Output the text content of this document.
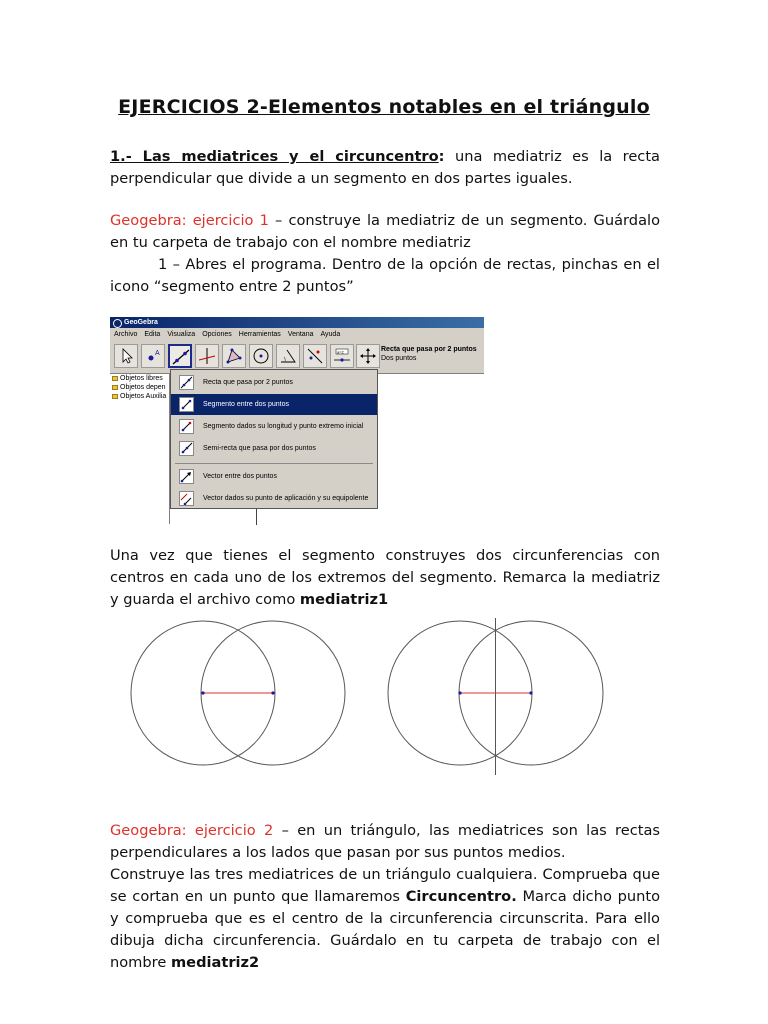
EJERCICIOS 2-Elementos notables en el triángulo
1.- Las mediatrices y el circuncentro: una mediatriz es la recta perpendicular que divide a un segmento en dos partes iguales.
Geogebra: ejercicio 1 – construye la mediatriz de un segmento. Guárdalo en tu carpeta de trabajo con el nombre mediatriz
1 – Abres el programa. Dentro de la opción de rectas, pinchas en el icono “segmento entre 2 puntos”
GeoGebra
Archivo Edita Visualiza Opciones Herramientas Ventana Ayuda
A	a=2	Recta que pasa por 2 puntos
Dos puntos
Objetos libres
Objetos depen
Objetos Auxilia
Recta que pasa por 2 puntos
Segmento entre dos puntos
Segmento dados su longitud y punto extremo inicial
Semi-recta que pasa por dos puntos
Vector entre dos puntos
Vector dados su punto de aplicación y su equipolente
Una vez que tienes el segmento construyes dos circunferencias con centros en cada uno de los extremos del segmento. Remarca la mediatriz y guarda el archivo como mediatriz1
Geogebra: ejercicio 2 – en un triángulo, las mediatrices son las rectas perpendiculares a los lados que pasan por sus puntos medios.
Construye las tres mediatrices de un triángulo cualquiera. Comprueba que se cortan en un punto que llamaremos Circuncentro. Marca dicho punto y comprueba que es el centro de la circunferencia circunscrita. Para ello dibuja dicha circunferencia. Guárdalo en tu carpeta de trabajo con el nombre mediatriz2
